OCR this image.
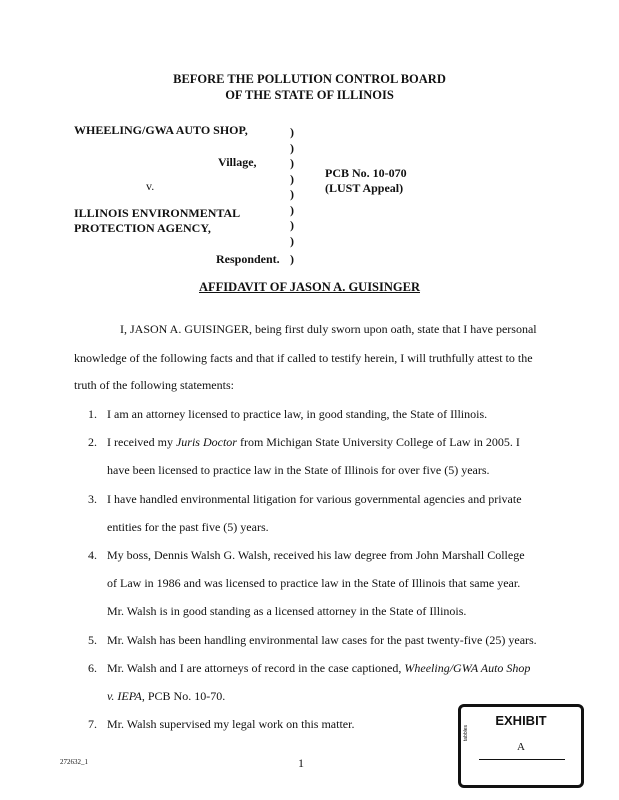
BEFORE THE POLLUTION CONTROL BOARD
OF THE STATE OF ILLINOIS
WHEELING/GWA AUTO SHOP,
Village,
v.
ILLINOIS ENVIRONMENTAL
PROTECTION AGENCY,
Respondent.
)
)
)
)
)
)
)
)
)
PCB No. 10-070
(LUST Appeal)
AFFIDAVIT OF JASON A. GUISINGER
I, JASON A. GUISINGER, being first duly sworn upon oath, state that I have personal
knowledge of the following facts and that if called to testify herein, I will truthfully attest to the
truth of the following statements:
1. I am an attorney licensed to practice law, in good standing, the State of Illinois.
2. I received my Juris Doctor from Michigan State University College of Law in 2005. I
have been licensed to practice law in the State of Illinois for over five (5) years.
3. I have handled environmental litigation for various governmental agencies and private
entities for the past five (5) years.
4. My boss, Dennis Walsh G. Walsh, received his law degree from John Marshall College
of Law in 1986 and was licensed to practice law in the State of Illinois that same year.
Mr. Walsh is in good standing as a licensed attorney in the State of Illinois.
5. Mr. Walsh has been handling environmental law cases for the past twenty-five (25) years.
6. Mr. Walsh and I are attorneys of record in the case captioned, Wheeling/GWA Auto Shop
v. IEPA, PCB No. 10-70.
7. Mr. Walsh supervised my legal work on this matter.
tabbles
EXHIBIT
A
272632_1	1
